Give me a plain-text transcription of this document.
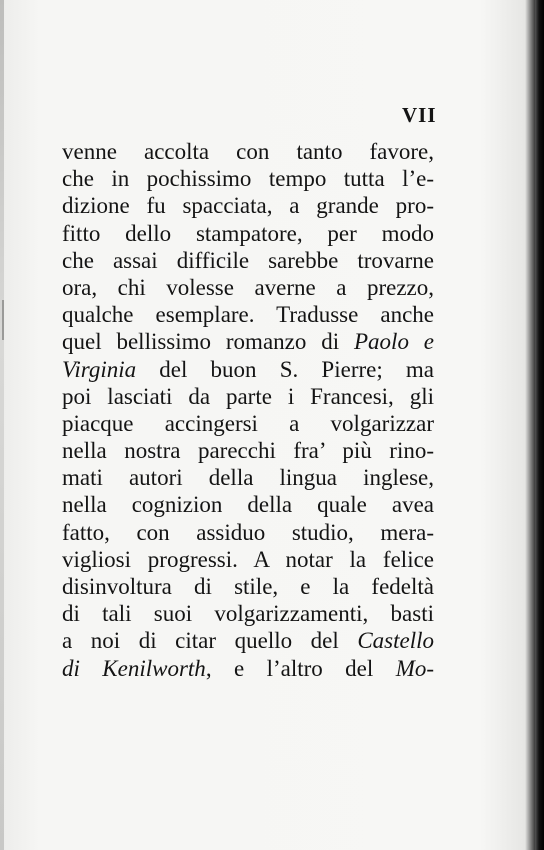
VII
venne accolta con tanto favore,
che in pochissimo tempo tutta l’e-
dizione fu spacciata, a grande pro-
fitto dello stampatore, per modo
che assai difficile sarebbe trovarne
ora, chi volesse averne a prezzo,
qualche esemplare. Tradusse anche
quel bellissimo romanzo di Paolo e
Virginia del buon S. Pierre; ma
poi lasciati da parte i Francesi, gli
piacque accingersi a volgarizzar
nella nostra parecchi fra’ più rino-
mati autori della lingua inglese,
nella cognizion della quale avea
fatto, con assiduo studio, mera-
vigliosi progressi. A notar la felice
disinvoltura di stile, e la fedeltà
di tali suoi volgarizzamenti, basti
a noi di citar quello del Castello
di Kenilworth, e l’altro del Mo-
